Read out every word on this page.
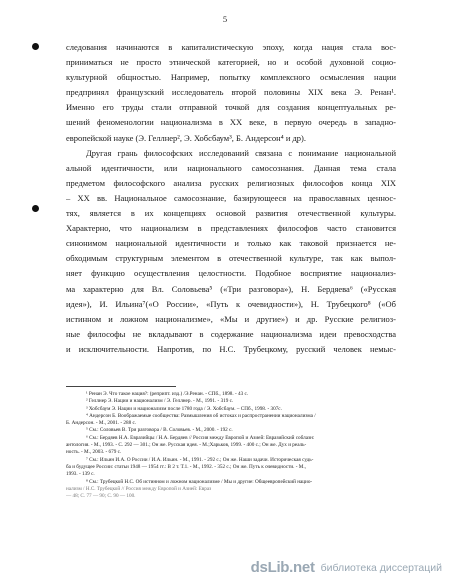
5
следования начинаются в капиталистическую эпоху, когда нация стала вос-
приниматься не просто этнической категорией, но и особой духовной социо-
культурной общностью. Например, попытку комплексного осмысления нации
предпринял французский исследователь второй половины XIX века Э. Ренан¹.
Именно его труды стали отправной точкой для создания концептуальных ре-
шений феноменологии национализма в XX веке, в первую очередь в западно-
европейской науке (Э. Геллнер², Э. Хобсбаум³, Б. Андерсон⁴ и др).
Другая грань философских исследований связана с понимание национальной
альной идентичности, или национального самосознания. Данная тема стала
предметом философского анализа русских религиозных философов конца XIX
– XX вв. Национальное самосознание, базирующееся на православных ценнос-
тях, является в их концепциях основой развития отечественной культуры.
Характерно, что национализм в представлениях философов часто становится
синонимом национальной идентичности и только как таковой признается не-
обходимым структурным элементом в отечественной культуре, так как выпол-
няет функцию осуществления целостности. Подобное восприятие национализ-
ма характерно для Вл. Соловьева⁵ («Три разговора»), Н. Бердяева⁶ («Русская
идея»), И. Ильина⁷(«О России», «Путь к очевидности»), Н. Трубецкого⁸ («Об
истинном и ложном национализме», «Мы и другие») и др. Русские религиоз-
ные философы не вкладывают в содержание национализма идеи превосходства
и исключительности. Напротив, по Н.С. Трубецкому, русский человек немыс-
¹ Ренан Э. Что такое нация?: (реприпт. изд.) /Э.Ренан. - СПб., 1898. - 43 с.
² Геллнер Э. Нации и национализм / Э. Геллнер. - М., 1991. - 319 с.
³ Хобсбаум Э. Нации и национализм после 1780 года / Э. Хобсбаум. – СПб., 1998. - 307с.
⁴ Андерсон Б. Воображаемые сообщества: Размышления об истоках и распространении национализма /
Б. Андерсон. - М., 2001. - 288 с.
⁵ См.: Соловьев В. Три разговора / В. Соловьев. - М., 2000. - 192 с.
⁶ См.: Бердяев Н.А. Евразийцы / Н.А. Бердяев // Россия между Европой и Азией: Евразийский соблазн:
антология. - М., 1993. - С. 292 — 301.; Он же. Русская идея. - М.;Харьков, 1999. - 400 с.; Он же. Дух и реаль-
ность. - М., 2003. - 679 с.
⁷ См.: Ильин И.А. О России / И.А. Ильин. - М., 1991. - 292 с.; Он же. Наши задачи. Историческая судь-
ба и будущее России: статьи 1948 — 1954 гг.: В 2 т. Т.1. - М., 1992. - 352 с.; Он же. Путь к очевидности. - М.,
1993. - 139 с.
⁸ См.: Трубецкой Н.С. Об истинном и ложном национализме / Мы и другие: Общеевропейский нацио-
нализм / Н.С. Трубецкой // Россия между Европой и Азией: Евраз
— 48; С. 77 — 90; С. 90 — 100.
dsLib.net библиотека диссертаций
